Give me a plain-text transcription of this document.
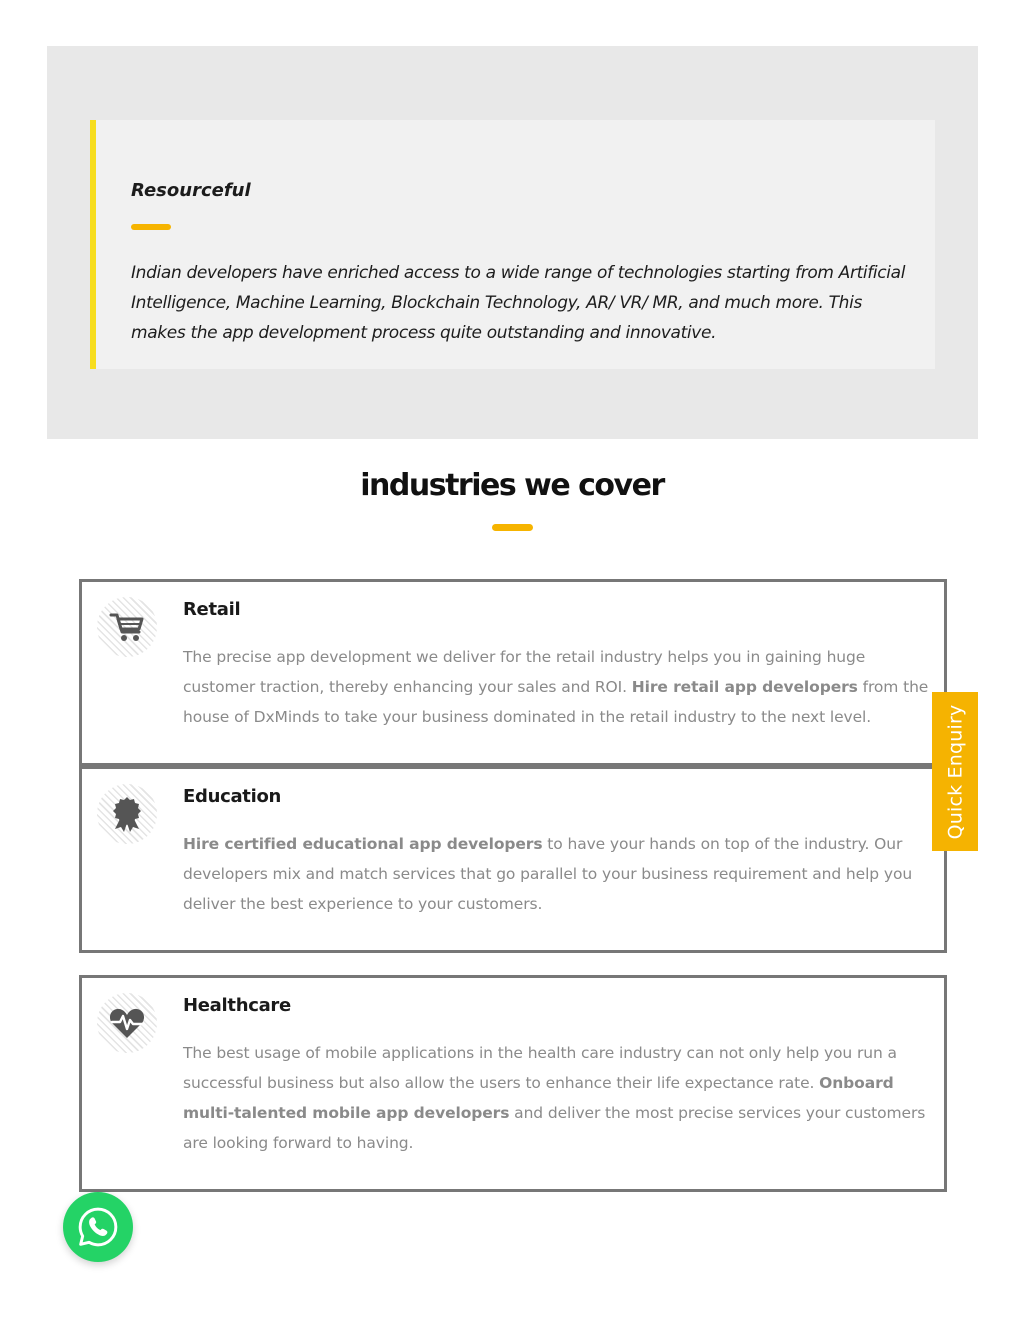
Resourceful
Indian developers have enriched access to a wide range of technologies starting from Artificial Intelligence, Machine Learning, Blockchain Technology, AR/ VR/ MR, and much more. This makes the app development process quite outstanding and innovative.
industries we cover
Retail
The precise app development we deliver for the retail industry helps you in gaining huge customer traction, thereby enhancing your sales and ROI. Hire retail app developers from the house of DxMinds to take your business dominated in the retail industry to the next level.
Education
Hire certified educational app developers to have your hands on top of the industry. Our developers mix and match services that go parallel to your business requirement and help you deliver the best experience to your customers.
Healthcare
The best usage of mobile applications in the health care industry can not only help you run a successful business but also allow the users to enhance their life expectance rate. Onboard multi-talented mobile app developers and deliver the most precise services your customers are looking forward to having.
Quick Enquiry
